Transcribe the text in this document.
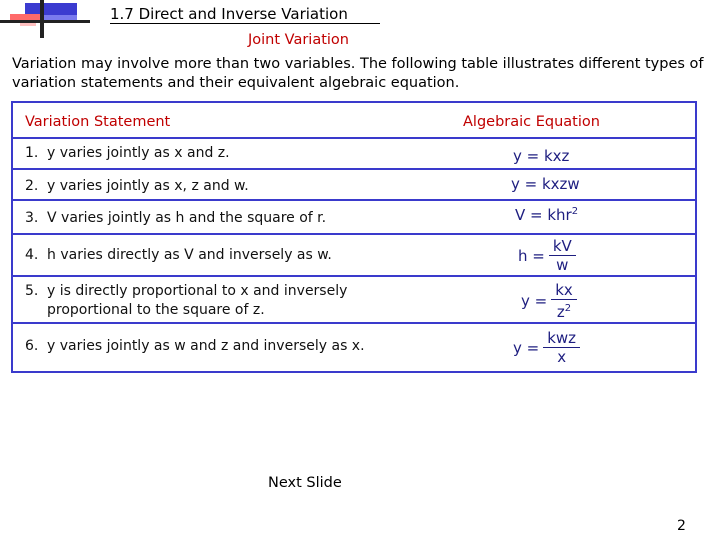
1.7 Direct and Inverse Variation
Joint Variation

Variation may involve more than two variables. The following table illustrates different types of variation statements and their equivalent algebraic equation.

Variation Statement	Algebraic Equation
1. y varies jointly as x and z.	y = kxz
2. y varies jointly as x, z and w.	y = kxzw
3. V varies jointly as h and the square of r.	V = khr$^2$
4. h varies directly as V and inversely as w.	$h = \frac{kV}{w}$
5. y is directly proportional to x and inversely
proportional to the square of z.	$y = \frac{kx}{z^2}$
6. y varies jointly as w and z and inversely as x.	$y = \frac{\text{kwz}}{x}$
Next Slide
2
